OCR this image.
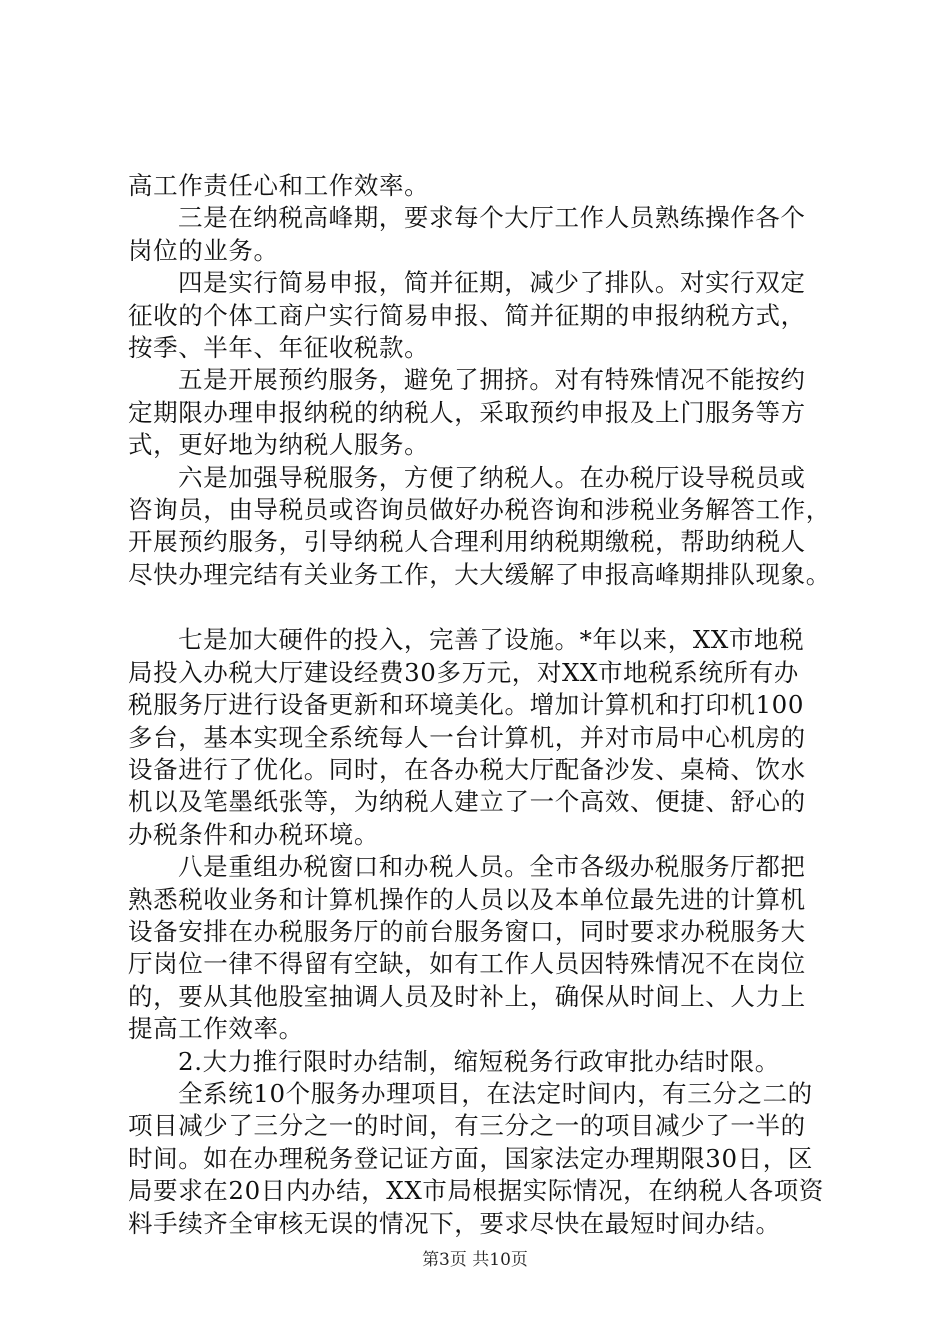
高工作责任心和工作效率。
三是在纳税高峰期，要求每个大厅工作人员熟练操作各个
岗位的业务。
四是实行简易申报，简并征期，减少了排队。对实行双定
征收的个体工商户实行简易申报、简并征期的申报纳税方式，
按季、半年、年征收税款。
五是开展预约服务，避免了拥挤。对有特殊情况不能按约
定期限办理申报纳税的纳税人，采取预约申报及上门服务等方
式，更好地为纳税人服务。
六是加强导税服务，方便了纳税人。在办税厅设导税员或
咨询员，由导税员或咨询员做好办税咨询和涉税业务解答工作，
开展预约服务，引导纳税人合理利用纳税期缴税，帮助纳税人
尽快办理完结有关业务工作，大大缓解了申报高峰期排队现象。
七是加大硬件的投入，完善了设施。*年以来，XX市地税
局投入办税大厅建设经费30多万元，对XX市地税系统所有办
税服务厅进行设备更新和环境美化。增加计算机和打印机100
多台，基本实现全系统每人一台计算机，并对市局中心机房的
设备进行了优化。同时，在各办税大厅配备沙发、桌椅、饮水
机以及笔墨纸张等，为纳税人建立了一个高效、便捷、舒心的
办税条件和办税环境。
八是重组办税窗口和办税人员。全市各级办税服务厅都把
熟悉税收业务和计算机操作的人员以及本单位最先进的计算机
设备安排在办税服务厅的前台服务窗口，同时要求办税服务大
厅岗位一律不得留有空缺，如有工作人员因特殊情况不在岗位
的，要从其他股室抽调人员及时补上，确保从时间上、人力上
提高工作效率。
2.大力推行限时办结制，缩短税务行政审批办结时限。
全系统10个服务办理项目，在法定时间内，有三分之二的
项目减少了三分之一的时间，有三分之一的项目减少了一半的
时间。如在办理税务登记证方面，国家法定办理期限30日，区
局要求在20日内办结，XX市局根据实际情况，在纳税人各项资
料手续齐全审核无误的情况下，要求尽快在最短时间办结。
第3页 共10页
